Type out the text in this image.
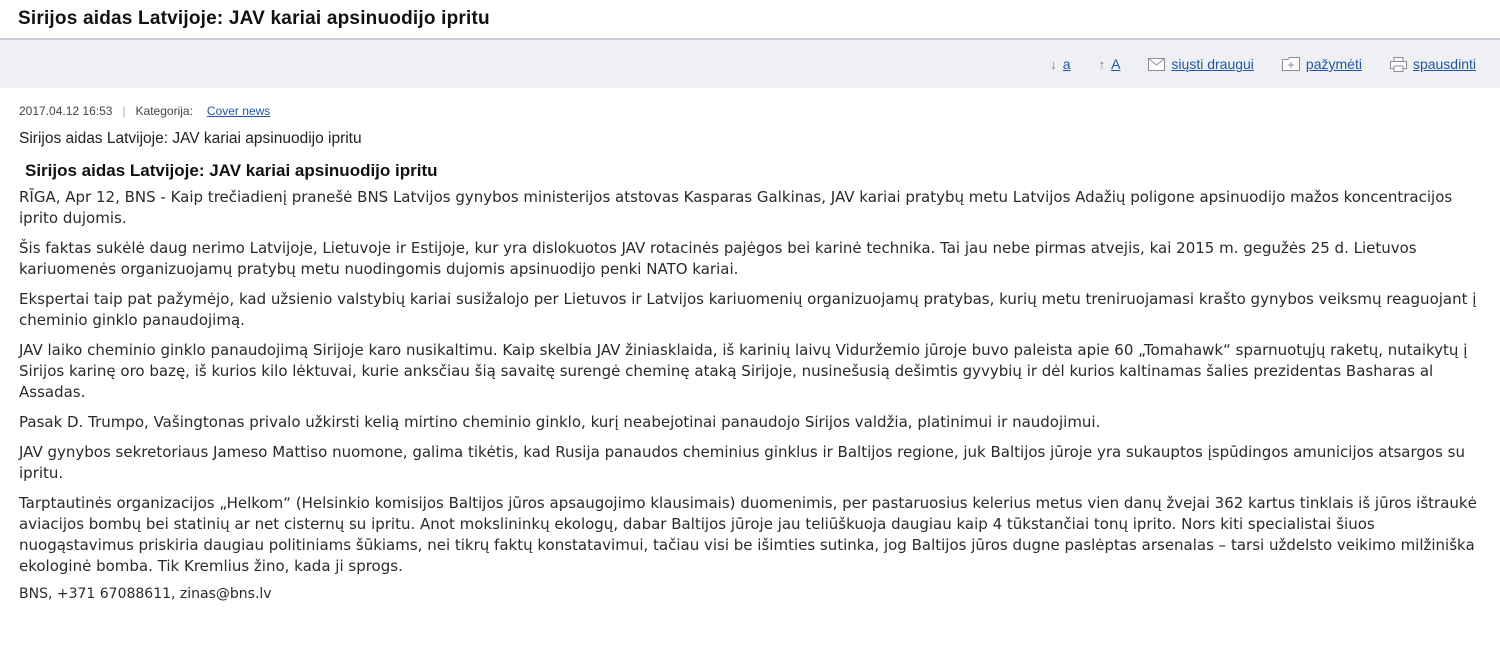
Sirijos aidas Latvijoje: JAV kariai apsinuodijo ipritu
↓ a ↑ A	siųsti draugui	pažymėti	spausdinti
2017.04.12 16:53 | Kategorija: Cover news
Sirijos aidas Latvijoje: JAV kariai apsinuodijo ipritu
Sirijos aidas Latvijoje: JAV kariai apsinuodijo ipritu

RĪGA, Apr 12, BNS - Kaip trečiadienį pranešė BNS Latvijos gynybos ministerijos atstovas Kasparas Galkinas, JAV kariai pratybų metu Latvijos Adažių poligone apsinuodijo mažos koncentracijos iprito dujomis.

Šis faktas sukėlė daug nerimo Latvijoje, Lietuvoje ir Estijoje, kur yra dislokuotos JAV rotacinės pajėgos bei karinė technika. Tai jau nebe pirmas atvejis, kai 2015 m. gegužės 25 d. Lietuvos kariuomenės organizuojamų pratybų metu nuodingomis dujomis apsinuodijo penki NATO kariai.

Ekspertai taip pat pažymėjo, kad užsienio valstybių kariai susižalojo per Lietuvos ir Latvijos kariuomenių organizuojamų pratybas, kurių metu treniruojamasi krašto gynybos veiksmų reaguojant į cheminio ginklo panaudojimą.

JAV laiko cheminio ginklo panaudojimą Sirijoje karo nusikaltimu. Kaip skelbia JAV žiniasklaida, iš karinių laivų Viduržemio jūroje buvo paleista apie 60 „Tomahawk“ sparnuotųjų raketų, nutaikytų į Sirijos karinę oro bazę, iš kurios kilo lėktuvai, kurie anksčiau šią savaitę surengė cheminę ataką Sirijoje, nusinešusią dešimtis gyvybių ir dėl kurios kaltinamas šalies prezidentas Basharas al Assadas.

Pasak D. Trumpo, Vašingtonas privalo užkirsti kelią mirtino cheminio ginklo, kurį neabejotinai panaudojo Sirijos valdžia, platinimui ir naudojimui.

JAV gynybos sekretoriaus Jameso Mattiso nuomone, galima tikėtis, kad Rusija panaudos cheminius ginklus ir Baltijos regione, juk Baltijos jūroje yra sukauptos įspūdingos amunicijos atsargos su ipritu.

Tarptautinės organizacijos „Helkom“ (Helsinkio komisijos Baltijos jūros apsaugojimo klausimais) duomenimis, per pastaruosius kelerius metus vien danų žvejai 362 kartus tinklais iš jūros ištraukė aviacijos bombų bei statinių ar net cisternų su ipritu. Anot mokslininkų ekologų, dabar Baltijos jūroje jau teliūškuoja daugiau kaip 4 tūkstančiai tonų iprito. Nors kiti specialistai šiuos nuogąstavimus priskiria daugiau politiniams šūkiams, nei tikrų faktų konstatavimui, tačiau visi be išimties sutinka, jog Baltijos jūros dugne paslėptas arsenalas – tarsi uždelsto veikimo milžiniška ekologinė bomba. Tik Kremlius žino, kada ji sprogs.

BNS, +371 67088611, zinas@bns.lv
